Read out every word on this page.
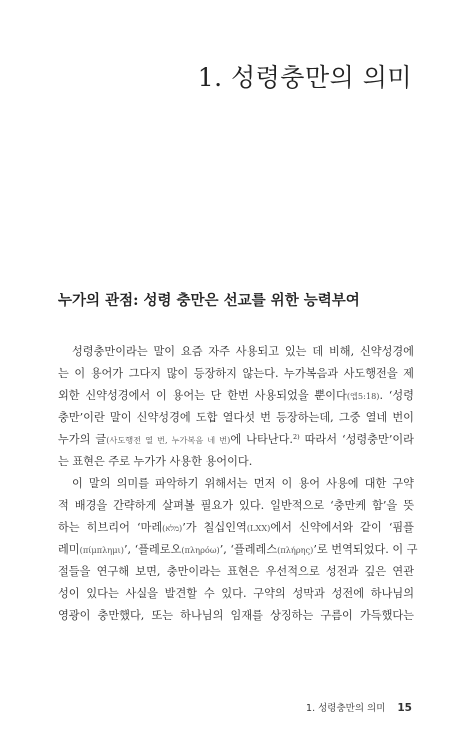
1. 성령충만의 의미
누가의 관점: 성령 충만은 선교를 위한 능력부여
성령충만이라는 말이 요즘 자주 사용되고 있는 데 비해, 신약성경에
는 이 용어가 그다지 많이 등장하지 않는다. 누가복음과 사도행전을 제
외한 신약성경에서 이 용어는 단 한번 사용되었을 뿐이다(엡5:18). ‘성령
충만’이란 말이 신약성경에 도합 열다섯 번 등장하는데, 그중 열네 번이
누가의 글(사도행전 열 번, 누가복음 네 번)에 나타난다.$^{2)}$ 따라서 ‘성령충만’이라
는 표현은 주로 누가가 사용한 용어이다.
이 말의 의미를 파악하기 위해서는 먼저 이 용어 사용에 대한 구약
적 배경을 간략하게 살펴볼 필요가 있다. 일반적으로 ‘충만케 함’을 뜻
하는 히브리어 ‘마레(מלא)’가 칠십인역(LXX)에서 신약에서와 같이 ‘핌플
레미(πίμπλημι)’, ‘플레로오(πληρόω)’, ‘플레레스(πλήρης)’로 번역되었다. 이 구
절들을 연구해 보면, 충만이라는 표현은 우선적으로 성전과 깊은 연관
성이 있다는 사실을 발견할 수 있다. 구약의 성막과 성전에 하나님의
영광이 충만했다, 또는 하나님의 임재를 상징하는 구름이 가득했다는
1. 성령충만의 의미 15
